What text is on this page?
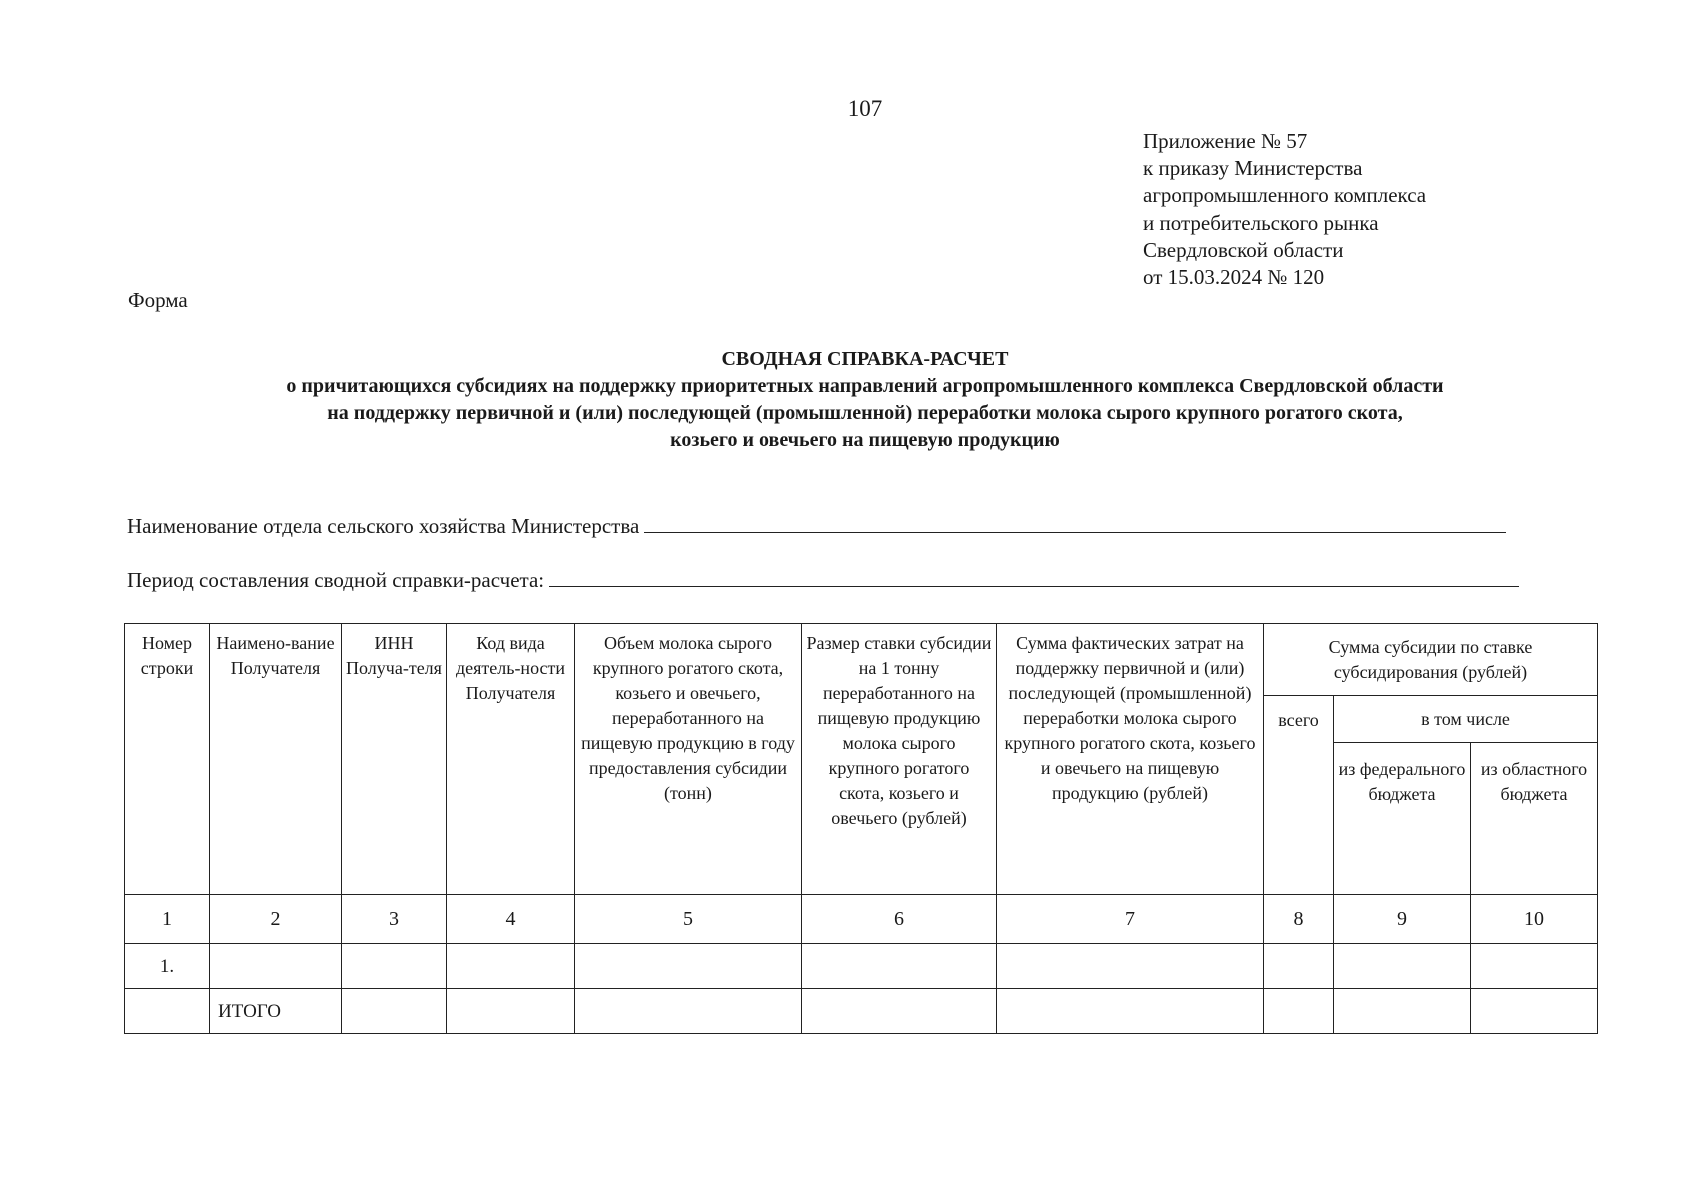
107
Приложение № 57
к приказу Министерства
агропромышленного комплекса
и потребительского рынка
Свердловской области
от 15.03.2024 № 120
Форма
СВОДНАЯ СПРАВКА-РАСЧЕТ
о причитающихся субсидиях на поддержку приоритетных направлений агропромышленного комплекса Свердловской области
на поддержку первичной и (или) последующей (промышленной) переработки молока сырого крупного рогатого скота,
козьего и овечьего на пищевую продукцию
Наименование отдела сельского хозяйства Министерства
Период составления сводной справки-расчета:
Номер строки	Наимено-вание Получателя	ИНН Получа-теля	Код вида деятель-ности Получателя	Объем молока сырого крупного рогатого скота, козьего и овечьего, переработанного на пищевую продукцию в году предоставления субсидии (тонн)	Размер ставки субсидии на 1 тонну переработанного на пищевую продукцию молока сырого крупного рогатого скота, козьего и овечьего (рублей)	Сумма фактических затрат на поддержку первичной и (или) последующей (промышленной) переработки молока сырого крупного рогатого скота, козьего и овечьего на пищевую продукцию (рублей)	Сумма субсидии по ставке субсидирования (рублей)		
							всего	в том числе	
								из федерального бюджета	из областного бюджета
1	2	3	4	5	6	7	8	9	10
1.									
	ИТОГО								
